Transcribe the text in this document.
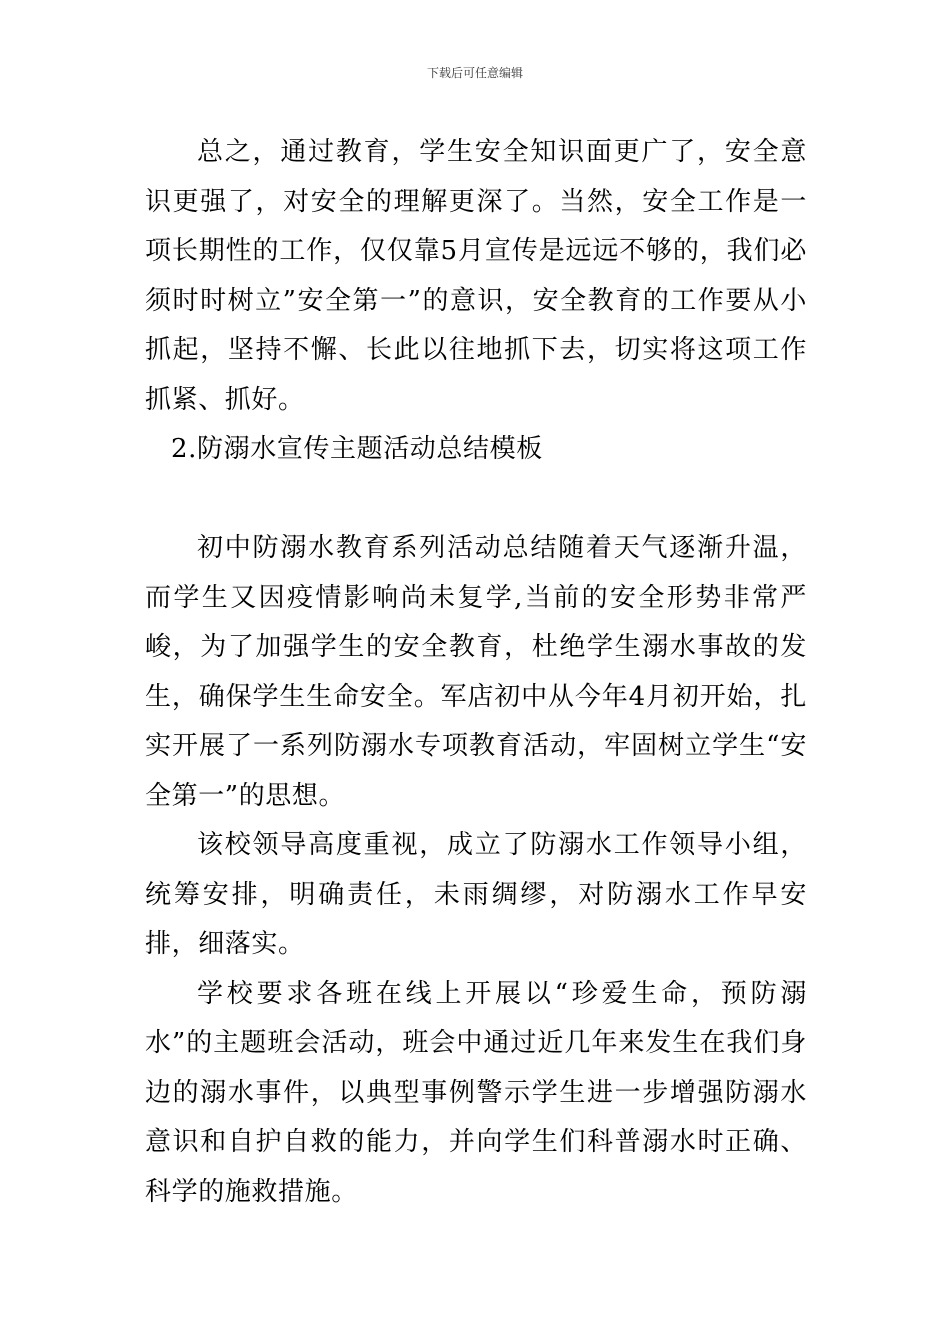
下载后可任意编辑

总之，通过教育，学生安全知识面更广了，安全意识更强了，对安全的理解更深了。当然，安全工作是一项长期性的工作，仅仅靠5月宣传是远远不够的，我们必须时时树立”安全第一”的意识，安全教育的工作要从小抓起，坚持不懈、长此以往地抓下去，切实将这项工作抓紧、抓好。

2.防溺水宣传主题活动总结模板

初中防溺水教育系列活动总结随着天气逐渐升温，而学生又因疫情影响尚未复学,当前的安全形势非常严峻，为了加强学生的安全教育，杜绝学生溺水事故的发生，确保学生生命安全。军店初中从今年4月初开始，扎实开展了一系列防溺水专项教育活动，牢固树立学生“安全第一”的思想。

该校领导高度重视，成立了防溺水工作领导小组，统筹安排，明确责任，未雨绸缪，对防溺水工作早安排，细落实。

学校要求各班在线上开展以“珍爱生命，预防溺水”的主题班会活动，班会中通过近几年来发生在我们身边的溺水事件，以典型事例警示学生进一步增强防溺水意识和自护自救的能力，并向学生们科普溺水时正确、科学的施救措施。
